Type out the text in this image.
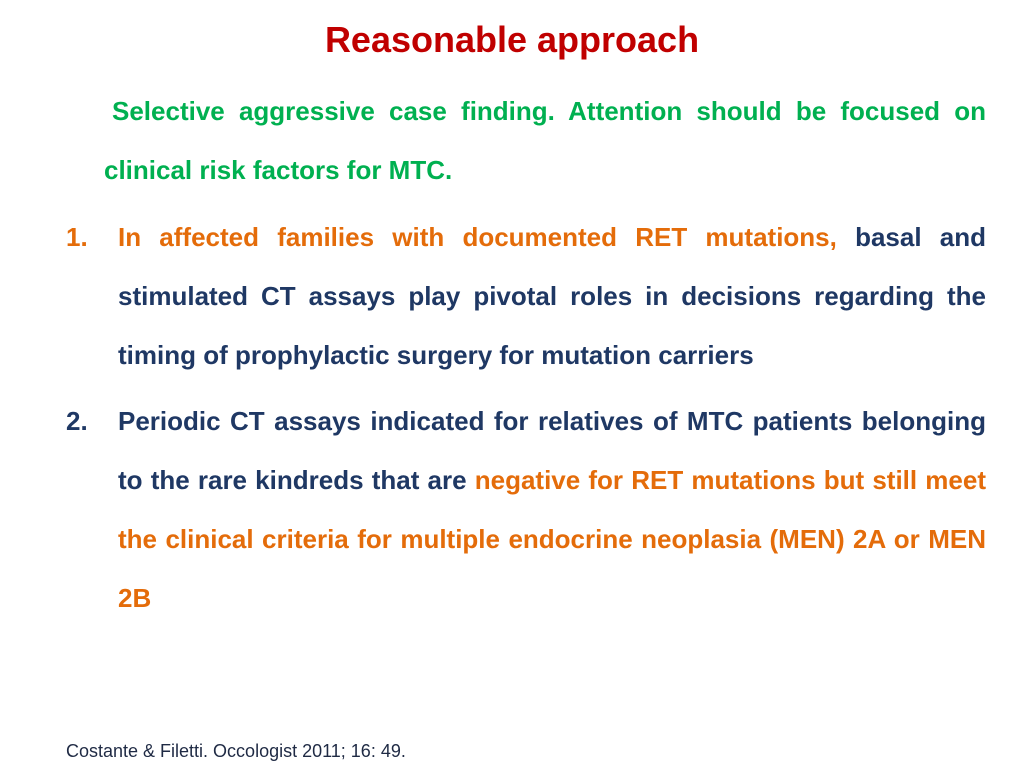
Reasonable approach
Selective aggressive case finding. Attention should be focused on clinical risk factors for MTC.
1. In affected families with documented RET mutations, basal and stimulated CT assays play pivotal roles in decisions regarding the timing of prophylactic surgery for mutation carriers
2. Periodic CT assays indicated for relatives of MTC patients belonging to the rare kindreds that are negative for RET mutations but still meet the clinical criteria for multiple endocrine neoplasia (MEN) 2A or MEN 2B
Costante & Filetti. Occologist 2011; 16: 49.
